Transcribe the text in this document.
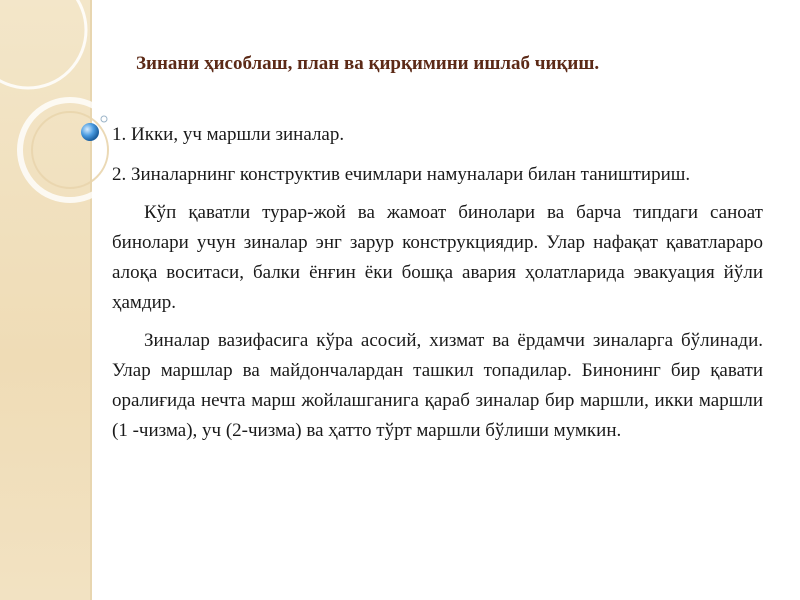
Зинани ҳисоблаш, план ва қирқимини ишлаб чиқиш.

1. Икки, уч маршли зиналар.

2. Зиналарнинг конструктив ечимлари намуналари билан таништириш.

Кўп қаватли турар-жой ва жамоат бинолари ва барча типдаги саноат бинолари учун зиналар энг зарур конструкциядир. Улар нафақат қаватлараро алоқа воситаси, балки ёнғин ёки бошқа авария ҳолатларида эвакуация йўли ҳамдир.

Зиналар вазифасига кўра асосий, хизмат ва ёрдамчи зиналарга бўлинади. Улар маршлар ва майдончалардан ташкил топадилар. Бинонинг бир қавати оралиғида нечта марш жойлашганига қараб зиналар бир маршли, икки маршли (1 -чизма), уч (2-чизма) ва ҳатто тўрт маршли бўлиши мумкин.
